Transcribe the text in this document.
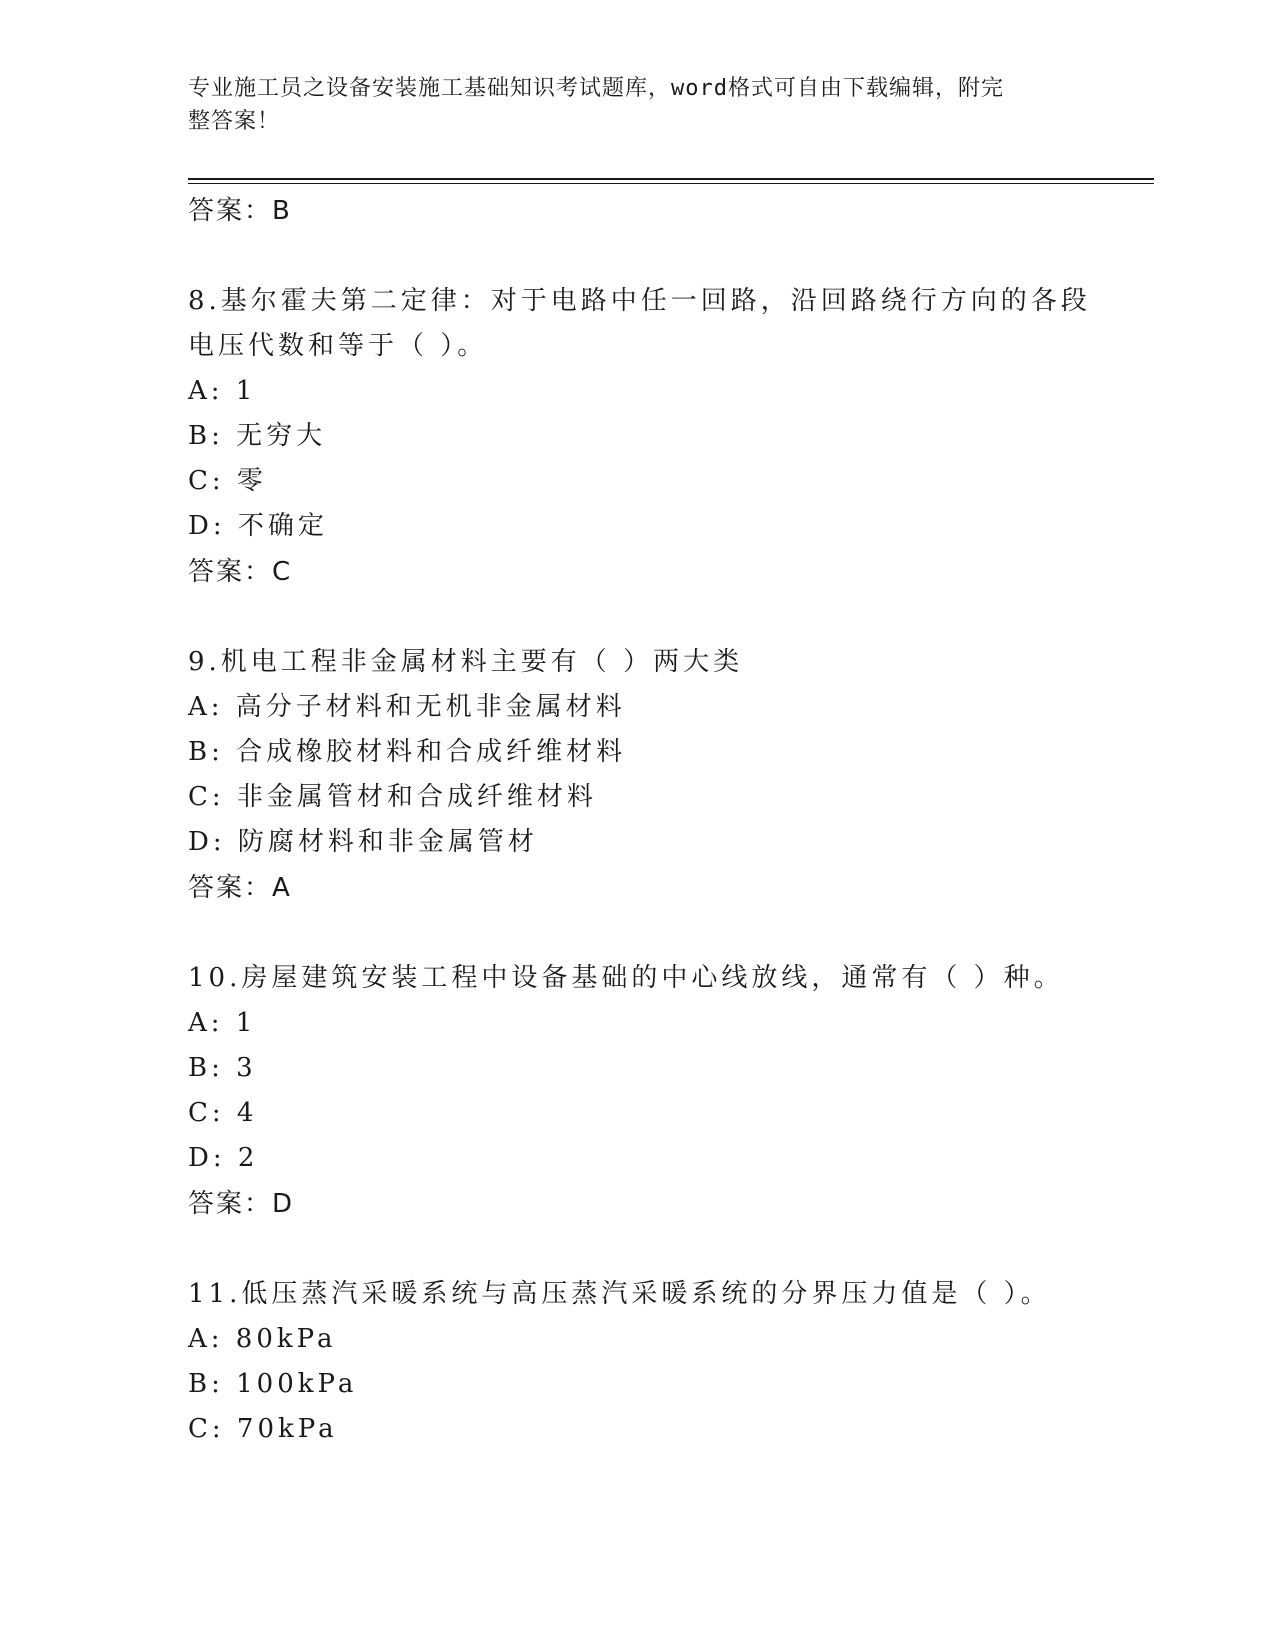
专业施工员之设备安装施工基础知识考试题库，word格式可自由下载编辑，附完
整答案！
答案：B
8.基尔霍夫第二定律：对于电路中任一回路，沿回路绕行方向的各段
电压代数和等于（ ）。
A: 1
B: 无穷大
C: 零
D: 不确定
答案：C
9.机电工程非金属材料主要有（ ）两大类
A: 高分子材料和无机非金属材料
B: 合成橡胶材料和合成纤维材料
C: 非金属管材和合成纤维材料
D: 防腐材料和非金属管材
答案：A
10.房屋建筑安装工程中设备基础的中心线放线，通常有（ ）种。
A: 1
B: 3
C: 4
D: 2
答案：D
11.低压蒸汽采暖系统与高压蒸汽采暖系统的分界压力值是（ ）。
A: 80kPa
B: 100kPa
C: 70kPa
